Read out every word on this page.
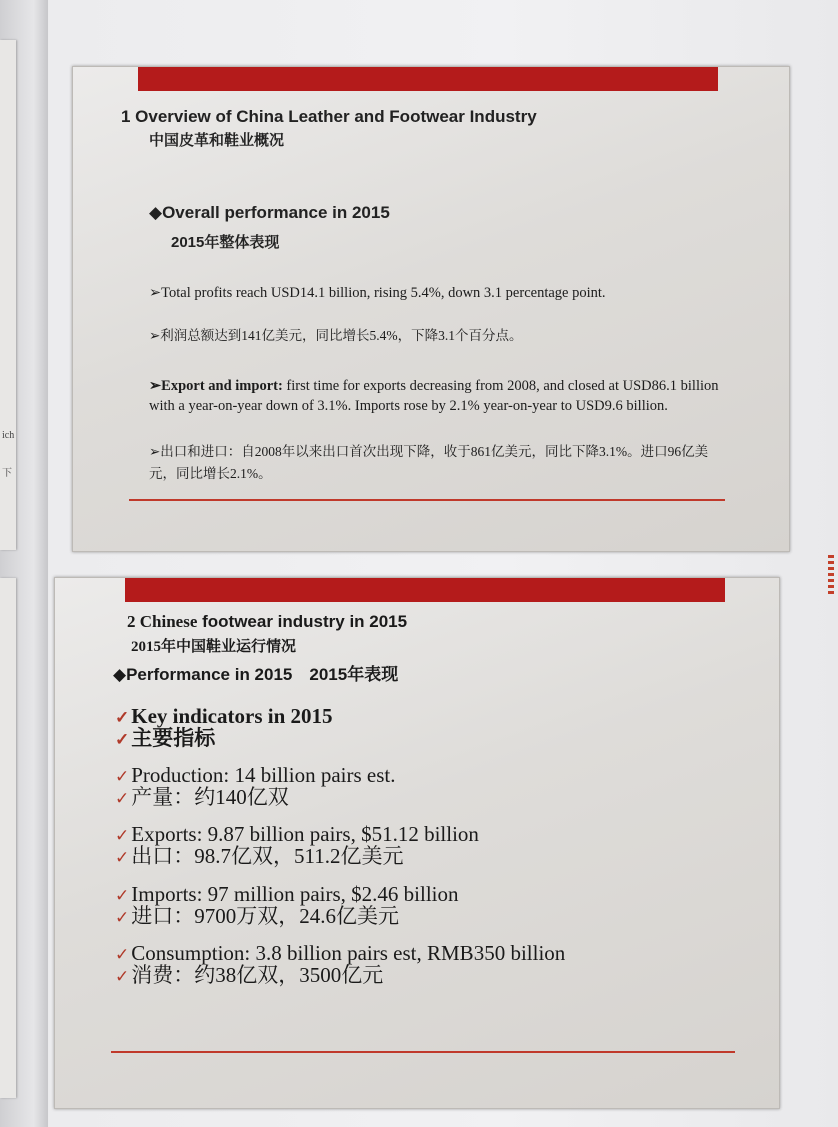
ich
下
1 Overview of China Leather and Footwear Industry
中国皮革和鞋业概况
◆Overall performance in 2015
2015年整体表现
➢Total profits reach USD14.1 billion, rising 5.4%, down 3.1 percentage point.
➢利润总额达到141亿美元，同比增长5.4%，下降3.1个百分点。
➢Export and import: first time for exports decreasing from 2008, and closed at USD86.1 billion with a year-on-year down of 3.1%. Imports rose by 2.1% year-on-year to USD9.6 billion.
➢出口和进口：自2008年以来出口首次出现下降，收于861亿美元，同比下降3.1%。进口96亿美元，同比增长2.1%。
2 Chinese footwear industry in 2015
2015年中国鞋业运行情况
◆Performance in 2015　2015年表现
✓Key indicators in 2015
✓主要指标
✓Production: 14 billion pairs est.
✓产量：约140亿双
✓Exports: 9.87 billion pairs, $51.12 billion
✓出口：98.7亿双，511.2亿美元
✓Imports: 97 million pairs, $2.46 billion
✓进口：9700万双，24.6亿美元
✓Consumption: 3.8 billion pairs est, RMB350 billion
✓消费：约38亿双，3500亿元
